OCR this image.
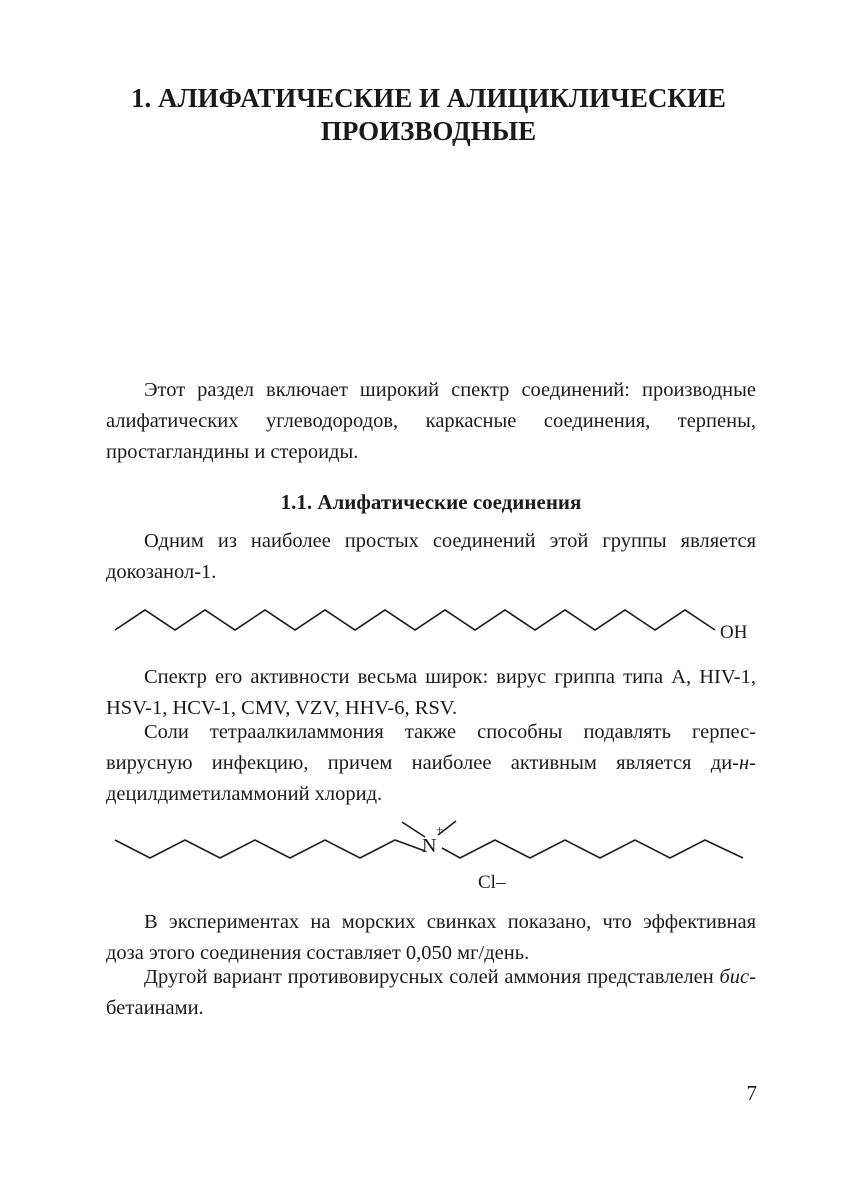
1. АЛИФАТИЧЕСКИЕ И АЛИЦИКЛИЧЕСКИЕ
ПРОИЗВОДНЫЕ

Этот раздел включает широкий спектр соединений: производные алифатических углеводородов, каркасные соединения, терпены, простагландины и стероиды.

1.1. Алифатические соединения

Одним из наиболее простых соединений этой группы является докозанол-1.

OH

Спектр его активности весьма широк: вирус гриппа типа А, HIV-1, HSV-1, HCV-1, CMV, VZV, HHV-6, RSV.

Соли тетраалкиламмония также способны подавлять герпесвирусную инфекцию, причем наиболее активным является ди-н-децилдиметиламмоний хлорид.

N
+
Cl–

В экспериментах на морских свинках показано, что эффективная доза этого соединения составляет 0,050 мг/день.

Другой вариант противовирусных солей аммония представлелен бис-бетаинами.

7
